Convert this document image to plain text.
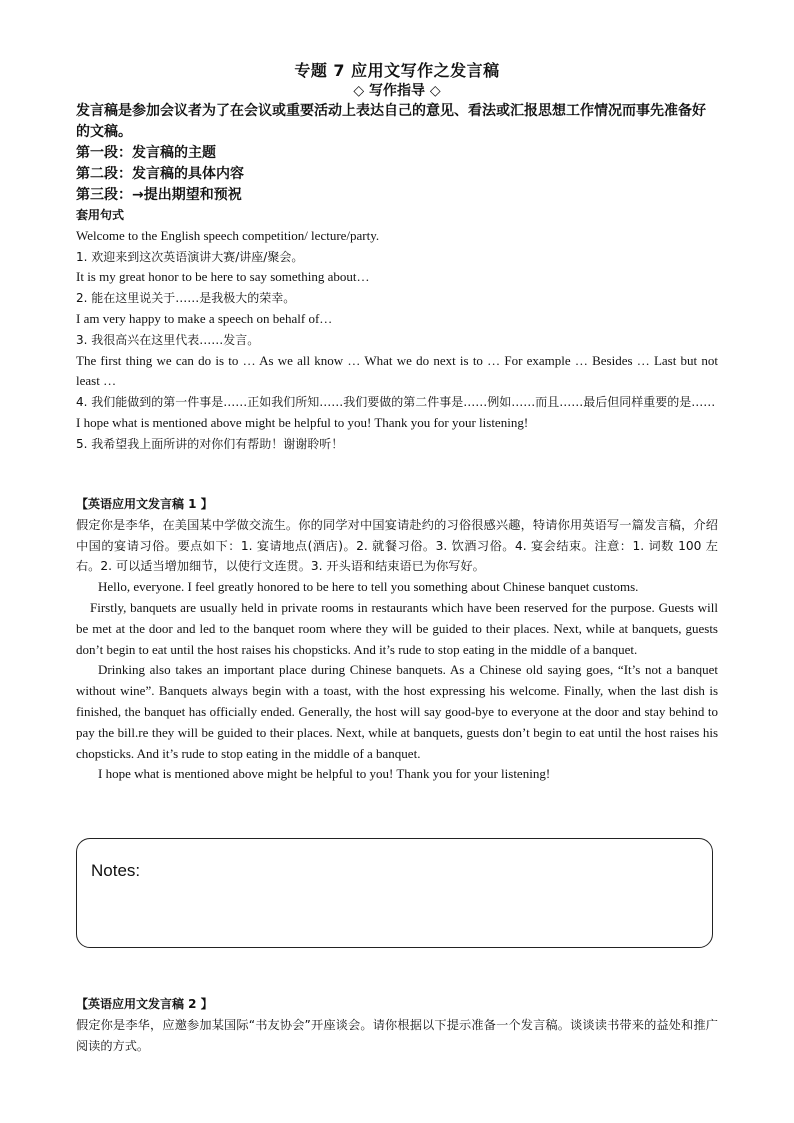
专题 7 应用文写作之发言稿
◇ 写作指导 ◇

发言稿是参加会议者为了在会议或重要活动上表达自己的意见、看法或汇报思想工作情况而事先准备好的文稿。

第一段：发言稿的主题

第二段：发言稿的具体内容

第三段：→提出期望和预祝

套用句式

Welcome to the English speech competition/ lecture/party.

1. 欢迎来到这次英语演讲大赛/讲座/聚会。

It is my great honor to be here to say something about…

2. 能在这里说关于……是我极大的荣幸。

I am very happy to make a speech on behalf of…

3. 我很高兴在这里代表……发言。

The first thing we can do is to … As we all know … What we do next is to … For example … Besides … Last but not least …

4. 我们能做到的第一件事是……正如我们所知……我们要做的第二件事是……例如……而且……最后但同样重要的是……

I hope what is mentioned above might be helpful to you! Thank you for your listening!

5. 我希望我上面所讲的对你们有帮助！谢谢聆听！

【英语应用文发言稿 1 】

假定你是李华，在美国某中学做交流生。你的同学对中国宴请赴约的习俗很感兴趣，特请你用英语写一篇发言稿，介绍中国的宴请习俗。要点如下：1. 宴请地点(酒店)。2. 就餐习俗。3. 饮酒习俗。4. 宴会结束。注意：1. 词数 100 左右。2. 可以适当增加细节，以使行文连贯。3. 开头语和结束语已为你写好。

Hello, everyone. I feel greatly honored to be here to tell you something about Chinese banquet customs.

Firstly, banquets are usually held in private rooms in restaurants which have been reserved for the purpose. Guests will be met at the door and led to the banquet room where they will be guided to their places. Next, while at banquets, guests don’t begin to eat until the host raises his chopsticks. And it’s rude to stop eating in the middle of a banquet.

Drinking also takes an important place during Chinese banquets. As a Chinese old saying goes, “It’s not a banquet without wine”. Banquets always begin with a toast, with the host expressing his welcome. Finally, when the last dish is finished, the banquet has officially ended. Generally, the host will say good-bye to everyone at the door and stay behind to pay the bill.re they will be guided to their places. Next, while at banquets, guests don’t begin to eat until the host raises his chopsticks. And it’s rude to stop eating in the middle of a banquet.

I hope what is mentioned above might be helpful to you! Thank you for your listening!

Notes:

【英语应用文发言稿 2 】

假定你是李华，应邀参加某国际“书友协会”开座谈会。请你根据以下提示准备一个发言稿。谈谈读书带来的益处和推广阅读的方式。
